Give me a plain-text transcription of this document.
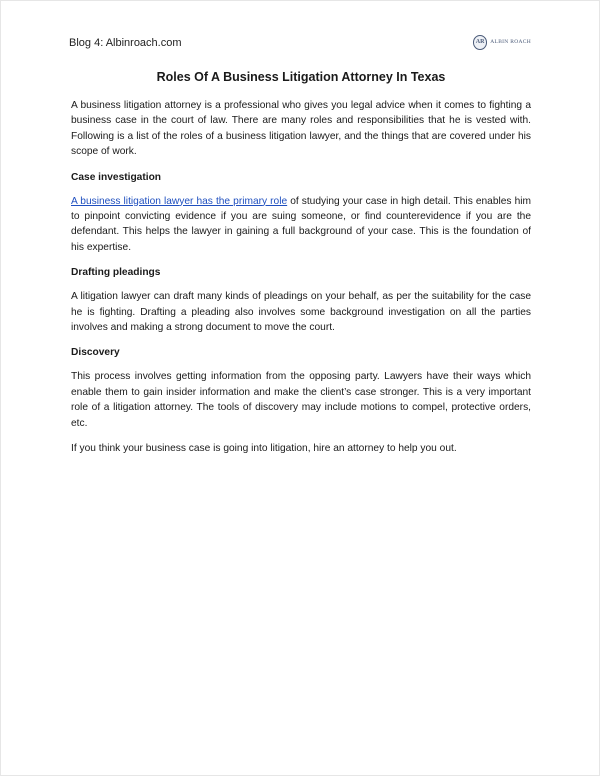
Blog 4: Albinroach.com	AR	ALBIN ROACH
Roles Of A Business Litigation Attorney In Texas

A business litigation attorney is a professional who gives you legal advice when it comes to fighting a business case in the court of law. There are many roles and responsibilities that he is vested with. Following is a list of the roles of a business litigation lawyer, and the things that are covered under his scope of work.

Case investigation

A business litigation lawyer has the primary role of studying your case in high detail. This enables him to pinpoint convicting evidence if you are suing someone, or find counterevidence if you are the defendant. This helps the lawyer in gaining a full background of your case. This is the foundation of his expertise.

Drafting pleadings

A litigation lawyer can draft many kinds of pleadings on your behalf, as per the suitability for the case he is fighting. Drafting a pleading also involves some background investigation on all the parties involves and making a strong document to move the court.

Discovery

This process involves getting information from the opposing party. Lawyers have their ways which enable them to gain insider information and make the client’s case stronger. This is a very important role of a litigation attorney. The tools of discovery may include motions to compel, protective orders, etc.

If you think your business case is going into litigation, hire an attorney to help you out.
